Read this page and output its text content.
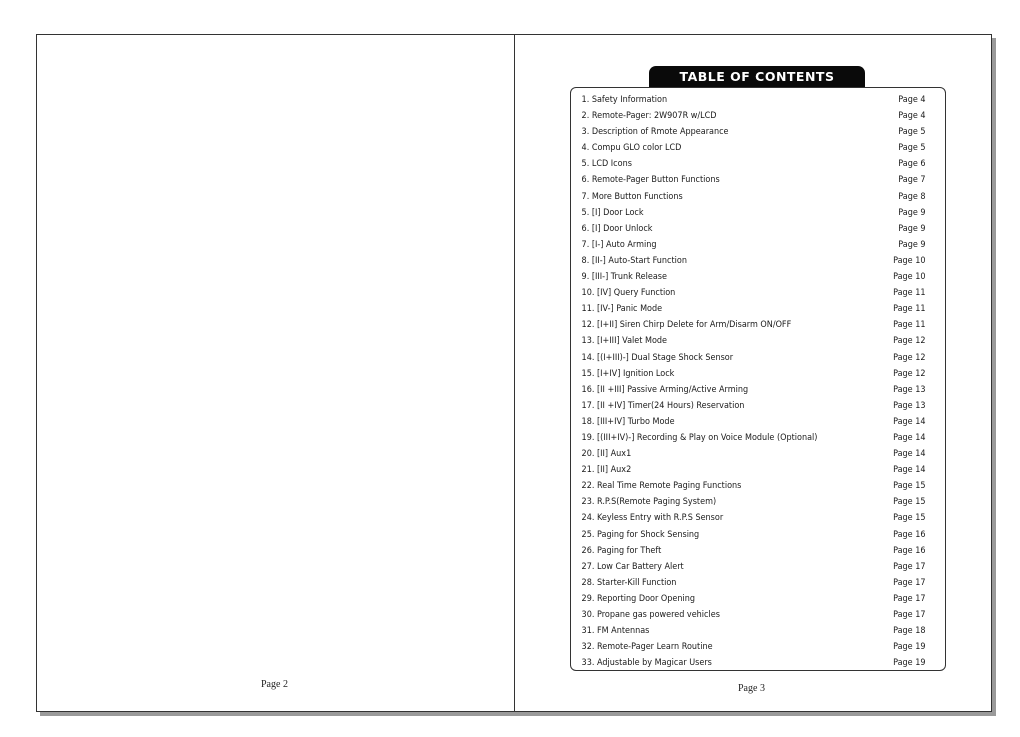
Page 2
TABLE OF CONTENTS
1. Safety Information	Page 4
2. Remote-Pager: 2W907R w/LCD	Page 4
3. Description of Rmote Appearance	Page 5
4. Compu GLO color LCD	Page 5
5. LCD Icons	Page 6
6. Remote-Pager Button Functions	Page 7
7. More Button Functions	Page 8
5. [I] Door Lock	Page 9
6. [I] Door Unlock	Page 9
7. [I-] Auto Arming	Page 9
8. [II-] Auto-Start Function	Page 10
9. [III-] Trunk Release	Page 10
10. [IV] Query Function	Page 11
11. [IV-] Panic Mode	Page 11
12. [I+II] Siren Chirp Delete for Arm/Disarm ON/OFF	Page 11
13. [I+III] Valet Mode	Page 12
14. [(I+III)-] Dual Stage Shock Sensor	Page 12
15. [I+IV] Ignition Lock	Page 12
16. [II +III] Passive Arming/Active Arming	Page 13
17. [II +IV] Timer(24 Hours) Reservation	Page 13
18. [III+IV] Turbo Mode	Page 14
19. [(III+IV)-] Recording & Play on Voice Module (Optional)	Page 14
20. [II] Aux1	Page 14
21. [II] Aux2	Page 14
22. Real Time Remote Paging Functions	Page 15
23. R.P.S(Remote Paging System)	Page 15
24. Keyless Entry with R.P.S Sensor	Page 15
25. Paging for Shock Sensing	Page 16
26. Paging for Theft	Page 16
27. Low Car Battery Alert	Page 17
28. Starter-Kill Function	Page 17
29. Reporting Door Opening	Page 17
30. Propane gas powered vehicles	Page 17
31. FM Antennas	Page 18
32. Remote-Pager Learn Routine	Page 19
33. Adjustable by Magicar Users	Page 19
Page 3
